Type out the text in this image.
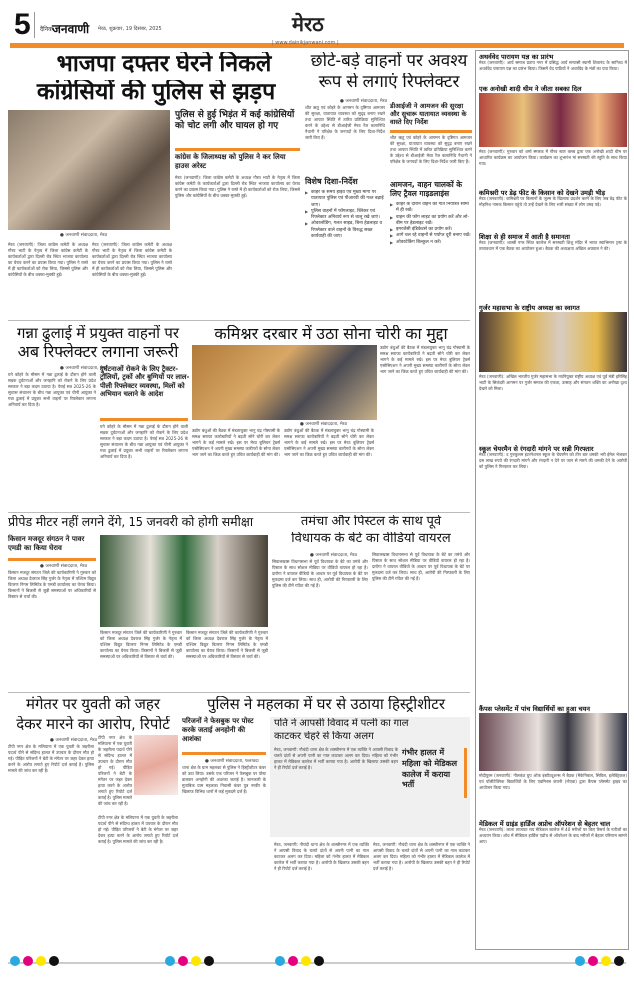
5 दैनिक जनवाणी मेरठ, शुक्रवार, 19 दिसंबर, 2025	मेरठ
| www.dainikjanwani.com |
भाजपा दफ्तर घेरने निकले
कांग्रेसियों की पुलिस से झड़प
● जनवाणी संवाददाता, मेरठ
पुलिस से हुई भिड़ंत में कई कांग्रेसियों को चोट लगी और घायल हो गए
कांग्रेस के जिलाध्यक्ष को पुलिस ने कर लिया हाउस अरेस्ट
मेरठ (जनवाणी): जिला कांग्रेस कमेटी के अध्यक्ष गौरव भाटी के नेतृत्व में जिला कांग्रेस कमेटी के कार्यकर्ताओं द्वारा दिल्ली रोड स्थित भाजपा कार्यालय का घेराव करने का प्रयास किया गया। पुलिस ने रास्ते में ही कार्यकर्ताओं को रोक लिया, जिससे पुलिस और कांग्रेसियों के बीच धक्का-मुक्की हुई।
मेरठ (जनवाणी): जिला कांग्रेस कमेटी के अध्यक्ष गौरव भाटी के नेतृत्व में जिला कांग्रेस कमेटी के कार्यकर्ताओं द्वारा दिल्ली रोड स्थित भाजपा कार्यालय का घेराव करने का प्रयास किया गया। पुलिस ने रास्ते में ही कार्यकर्ताओं को रोक लिया, जिससे पुलिस और कांग्रेसियों के बीच धक्का-मुक्की हुई।
मेरठ (जनवाणी): जिला कांग्रेस कमेटी के अध्यक्ष गौरव भाटी के नेतृत्व में जिला कांग्रेस कमेटी के कार्यकर्ताओं द्वारा दिल्ली रोड स्थित भाजपा कार्यालय का घेराव करने का प्रयास किया गया। पुलिस ने रास्ते में ही कार्यकर्ताओं को रोक लिया, जिससे पुलिस और कांग्रेसियों के बीच धक्का-मुक्की हुई।
छोटे-बड़े वाहनों पर अवश्य
रूप से लगाएं रिफ्लेक्टर
● जनवाणी संवाददाता, मेरठ
शीत ऋतु एवं कोहरे के आगमन के दृष्टिगत आमजन की सुरक्षा, यातायात व्यवस्था को सुदृढ़ बनाए रखने तथा आपात स्थिति में त्वरित प्रतिक्रिया सुनिश्चित करने के उद्देश्य से डीआईजी मेरठ रेंज कलानिधि नैथानी ने परिक्षेत्र के जनपदों के लिए दिशा-निर्देश जारी किए हैं।
डीआईजी ने आमजन की सुरक्षा और सुचारू यातायात व्यवस्था के वास्ते दिए निर्देश
विशेष दिशा-निर्देश
▶ कोहरे के समय हाईवे एवं मुख्य मार्गों पर यातायात पुलिस एवं पीआरवी की गश्त बढ़ाई जाए।
▶ पुलिस वाहनों में फॉगलाइट, ब्लिंकर एवं रिफ्लेक्टर अनिवार्य रूप से चालू रखे जाएं।
▶ ओवरलोडिंग, गलत साइड, बिना हेडलाइट व रिफ्लेक्टर वाले वाहनों के विरुद्ध सख्त कार्यवाही की जाए।
शीत ऋतु एवं कोहरे के आगमन के दृष्टिगत आमजन की सुरक्षा, यातायात व्यवस्था को सुदृढ़ बनाए रखने तथा आपात स्थिति में त्वरित प्रतिक्रिया सुनिश्चित करने के उद्देश्य से डीआईजी मेरठ रेंज कलानिधि नैथानी ने परिक्षेत्र के जनपदों के लिए दिशा-निर्देश जारी किए हैं।
आमजन, वाहन चालकों के लिए ट्रैवल गाइडलाइंस
▶ कोहरे के दौरान वाहन की गति नियंत्रित सीमा में ही रखें।
▶ वाहन की फॉग लाइट का प्रयोग करें और लो-बीम पर हेडलाइट रखें।
▶ इमरजेंसी इंडिकेटर्स का प्रयोग करें।
▶ आगे चल रहे वाहनों से पर्याप्त दूरी बनाए रखें।
▶ ओवरटेकिंग बिल्कुल न करें।
अथर्ववेद पारायण यज्ञ का प्रारंभ
मेरठ (जनवाणी): आर्य समाज प्रताप नगर में प्रसिद्ध आर्य सन्यासी स्वामी शिवानंद के सानिध्य में अथर्ववेद पारायण यज्ञ का प्रारंभ किया। जिसमें वेद पाठियों ने अथर्ववेद के मंत्रों का पाठ किया।
एक अनोखी शादी थीम ने जीता सबका दिल
मेरठ (जनवाणी): गुरुवार को शर्मा स्मारक में गौरव स्टार क्लब द्वारा एक अनोखी शादी थीम पर आधारित कार्यक्रम का आयोजन किया। कार्यक्रम का शुभारंभ मां सरस्वती की स्तुति के साथ किया गया।
कमिश्नरी पर डेढ़ फीट के किसान को देखने उमड़ी भीड़
मेरठ (जनवाणी): कमिश्नरी पर किसानों के जुल्म के खिलाफ प्रदर्शन करने के लिए जब डेढ़ फीट के मोहनिश नामक किसान पहुंचे तो उन्हें देखने के लिए भारी संख्या में लोग उमड़ पड़े।
शिक्षा से ही समाज में आती है समानता
मेरठ (जनवाणी): शास्त्री नगर स्थित कालेज में सरस्वती शिशु मंदिर में भारत स्वाभिमान ट्रस्ट के तत्वावधान में एक बैठक का आयोजन हुआ। बैठक की अध्यक्षता अखिल अग्रवाल ने की।
गुर्जर महासभा के राष्ट्रीय अध्यक्ष का स्वागत
मेरठ (जनवाणी): अखिल भारतीय गुर्जर महासभा के नवनियुक्त राष्ट्रीय अध्यक्ष एवं पूर्व मंत्री हरिसिंह भाटी के सिकंदरी आगमन पर गुर्जर समाज की एकता, उत्साह और संगठन शक्ति का अनोखा दृश्य देखने को मिला।
स्कूल चेयरमैन से रंगदारी मांगने पर सन्नी गिरफ्तार
मेरठ (जनवाणी): द गुरुकुलम इंटरनेशनल स्कूल के चेयरमैन को तीन बार धमकी भरी ईमेल भेजकर दस लाख रुपये की रंगदारी मांगने और रंगदारी न देने पर जान से मारने की धमकी देने के आरोपी को पुलिस ने गिरफ्तार कर लिया।
कैंपस प्लेसमेंट में पांच विद्यार्थियों का हुआ चयन
मोदीपुरम (जनवाणी): नीलकंठ ग्रुप ऑफ इंस्टीट्यूशन्स में बैठक (मैकेनिकल, सिविल, इलेक्ट्रिकल) एवं पॉलीटेक्निक विद्यार्थियों के लिए एडमिनस कंपनी (नोएडा) द्वारा कैंपस प्लेसमेंट ड्राइव का आयोजन किया गया।
मेडिकल में ग्राइंड हार्डिंज अप्रोच ऑपरेशन से बेहतर चाल
मेरठ (जनवाणी): लाला लाजपत राय मेडिकल कालेज में 40 मरीजों पर किए रिसर्च के नतीजों का अध्ययन किया। शोध में मीडियल हार्डिंज एप्रोच से ऑपरेशन के बाद मरीजों में बेहतर परिणाम सामने आए।
गन्ना ढुलाई में प्रयुक्त वाहनों पर
अब रिफ्लेक्टर लगाना जरूरी
● जनवाणी संवाददाता, मेरठ
घने कोहरे के मौसम में गन्ना ढुलाई के दौरान होने वाली सड़क दुर्घटनाओं और जनहानि को रोकने के लिए प्रदेश सरकार ने बड़ा कदम उठाया है। पेराई सत्र 2025-26 के सुचारू संचालन के बीच गन्ना आयुक्त एवं चीनी आयुक्त ने गन्ना ढुलाई में प्रयुक्त सभी वाहनों पर रिफ्लेक्टर लगाना अनिवार्य कर दिया है।
दुर्घटनाओं रोकने के लिए ट्रैक्टर-ट्रॉलियों, ट्रकों और बुग्गियों पर लाल-पीली रिफ्लेक्टर व्यवस्था, मिलों को अभियान चलाने के आदेश
घने कोहरे के मौसम में गन्ना ढुलाई के दौरान होने वाली सड़क दुर्घटनाओं और जनहानि को रोकने के लिए प्रदेश सरकार ने बड़ा कदम उठाया है। पेराई सत्र 2025-26 के सुचारू संचालन के बीच गन्ना आयुक्त एवं चीनी आयुक्त ने गन्ना ढुलाई में प्रयुक्त सभी वाहनों पर रिफ्लेक्टर लगाना अनिवार्य कर दिया है।
कमिश्नर दरबार में उठा सोना चोरी का मुद्दा
● जनवाणी संवाददाता, मेरठ
उद्योग बंधुओं की बैठक में मंडलायुक्त भानु चंद्र गोस्वामी के समक्ष सराफा कारोबारियों ने बढ़ती सोने चोरी कर लेकर भागने के कई मामले रखे। इस पर मेरठ बुलियन ट्रेडर्स एसोसिएशन ने अपनी मुख्य समस्या कारीगरों के सोना लेकर भाग जाने का जिक्र करते हुए उचित कार्यवाही की मांग की।
उद्योग बंधुओं की बैठक में मंडलायुक्त भानु चंद्र गोस्वामी के समक्ष सराफा कारोबारियों ने बढ़ती सोने चोरी कर लेकर भागने के कई मामले रखे। इस पर मेरठ बुलियन ट्रेडर्स एसोसिएशन ने अपनी मुख्य समस्या कारीगरों के सोना लेकर भाग जाने का जिक्र करते हुए उचित कार्यवाही की मांग की।
उद्योग बंधुओं की बैठक में मंडलायुक्त भानु चंद्र गोस्वामी के समक्ष सराफा कारोबारियों ने बढ़ती सोने चोरी कर लेकर भागने के कई मामले रखे। इस पर मेरठ बुलियन ट्रेडर्स एसोसिएशन ने अपनी मुख्य समस्या कारीगरों के सोना लेकर भाग जाने का जिक्र करते हुए उचित कार्यवाही की मांग की।
प्रीपेड मीटर नहीं लगने देंगे, 15 जनवरी को होगी समीक्षा
किसान मजदूर संगठन ने पावर एमडी का किया घेराव
● जनवाणी संवाददाता, मेरठ
किसान मजदूर संगठन जिले की कार्यकारिणी ने गुरुवार को जिला अध्यक्ष देवराज सिंह गुर्जर के नेतृत्व में पश्चिम विद्युत वितरण निगम लिमिटेड के एमडी कार्यालय का घेराव किया। किसानों ने बिजली से जुड़ी समस्याओं पर अधिकारियों से विस्तार से चर्चा की।
किसान मजदूर संगठन जिले की कार्यकारिणी ने गुरुवार को जिला अध्यक्ष देवराज सिंह गुर्जर के नेतृत्व में पश्चिम विद्युत वितरण निगम लिमिटेड के एमडी कार्यालय का घेराव किया। किसानों ने बिजली से जुड़ी समस्याओं पर अधिकारियों से विस्तार से चर्चा की।
किसान मजदूर संगठन जिले की कार्यकारिणी ने गुरुवार को जिला अध्यक्ष देवराज सिंह गुर्जर के नेतृत्व में पश्चिम विद्युत वितरण निगम लिमिटेड के एमडी कार्यालय का घेराव किया। किसानों ने बिजली से जुड़ी समस्याओं पर अधिकारियों से विस्तार से चर्चा की।
तमंचा और पिस्टल के साथ पूर्व
विधायक के बेटे का वीडियो वायरल
● जनवाणी संवाददाता, मेरठ
सिवालखास विधानसभा से पूर्व विधायक के बेटे का तमंचे और पिस्टल के साथ सोशल मीडिया पर वीडियो वायरल हो रहा है। दारोगा ने वायरल वीडियो के आधार पर पूर्व विधायक के बेटे पर मुकदमा दर्ज कर लिया। साथ ही, आरोपी की गिरफ्तारी के लिए पुलिस की टीमें गठित की गई हैं।
सिवालखास विधानसभा से पूर्व विधायक के बेटे का तमंचे और पिस्टल के साथ सोशल मीडिया पर वीडियो वायरल हो रहा है। दारोगा ने वायरल वीडियो के आधार पर पूर्व विधायक के बेटे पर मुकदमा दर्ज कर लिया। साथ ही, आरोपी की गिरफ्तारी के लिए पुलिस की टीमें गठित की गई हैं।
मंगेतर पर युवती को जहर
देकर मारने का आरोप, रिपोर्ट
● जनवाणी संवाददाता, मेरठ
टीपी नगर क्षेत्र के मलियाना में एक युवती के जहरीला पदार्थ पीने से संदिग्ध हालत में उपचार के दौरान मौत हो गई। पीड़ित परिजनों ने बेटी के मंगेतर पर जहर देकर हत्या करने के आरोप लगाते हुए रिपोर्ट दर्ज कराई है। पुलिस मामले की जांच कर रही है।
टीपी नगर क्षेत्र के मलियाना में एक युवती के जहरीला पदार्थ पीने से संदिग्ध हालत में उपचार के दौरान मौत हो गई। पीड़ित परिजनों ने बेटी के मंगेतर पर जहर देकर हत्या करने के आरोप लगाते हुए रिपोर्ट दर्ज कराई है। पुलिस मामले की जांच कर रही है।
टीपी नगर क्षेत्र के मलियाना में एक युवती के जहरीला पदार्थ पीने से संदिग्ध हालत में उपचार के दौरान मौत हो गई। पीड़ित परिजनों ने बेटी के मंगेतर पर जहर देकर हत्या करने के आरोप लगाते हुए रिपोर्ट दर्ज कराई है। पुलिस मामले की जांच कर रही है।
पुलिस ने महलका में घर से उठाया हिस्ट्रीशीटर
परिजनों ने फेसबुक पर पोस्ट करके जताई अनहोनी की आशंका
● जनवाणी संवाददाता, फलावदा
थाना क्षेत्र के ग्राम महलका से पुलिस ने हिस्ट्रीशीटर कंवर को उठा लिया। उसके एक परिजन ने फेसबुक पर पोस्ट डालकर अनहोनी की आशंका जताई है। जानकारी के मुताबिक ग्राम महलका निवासी कंवर पुत्र नरवीर के खिलाफ विभिन्न थानों में कई मुकदमे दर्ज हैं।
पति ने आपसी विवाद में पत्नी का गाल
काटकर चेहरे से किया अलग
मेरठ, जनवाणी: नौचंदी थाना क्षेत्र के शास्त्रीनगर में एक व्यक्ति ने आपसी विवाद के चलते दांतों से अपनी पत्नी का गाल काटकर अलग कर दिया। महिला को गंभीर हालत में मेडिकल कालेज में भर्ती कराया गया है। आरोपी के खिलाफ उसकी बहन ने ही रिपोर्ट दर्ज कराई है।
गंभीर हालत में महिला को मेडिकल कालेज में कराया भर्ती
मेरठ, जनवाणी: नौचंदी थाना क्षेत्र के शास्त्रीनगर में एक व्यक्ति ने आपसी विवाद के चलते दांतों से अपनी पत्नी का गाल काटकर अलग कर दिया। महिला को गंभीर हालत में मेडिकल कालेज में भर्ती कराया गया है। आरोपी के खिलाफ उसकी बहन ने ही रिपोर्ट दर्ज कराई है।
मेरठ, जनवाणी: नौचंदी थाना क्षेत्र के शास्त्रीनगर में एक व्यक्ति ने आपसी विवाद के चलते दांतों से अपनी पत्नी का गाल काटकर अलग कर दिया। महिला को गंभीर हालत में मेडिकल कालेज में भर्ती कराया गया है। आरोपी के खिलाफ उसकी बहन ने ही रिपोर्ट दर्ज कराई है।
